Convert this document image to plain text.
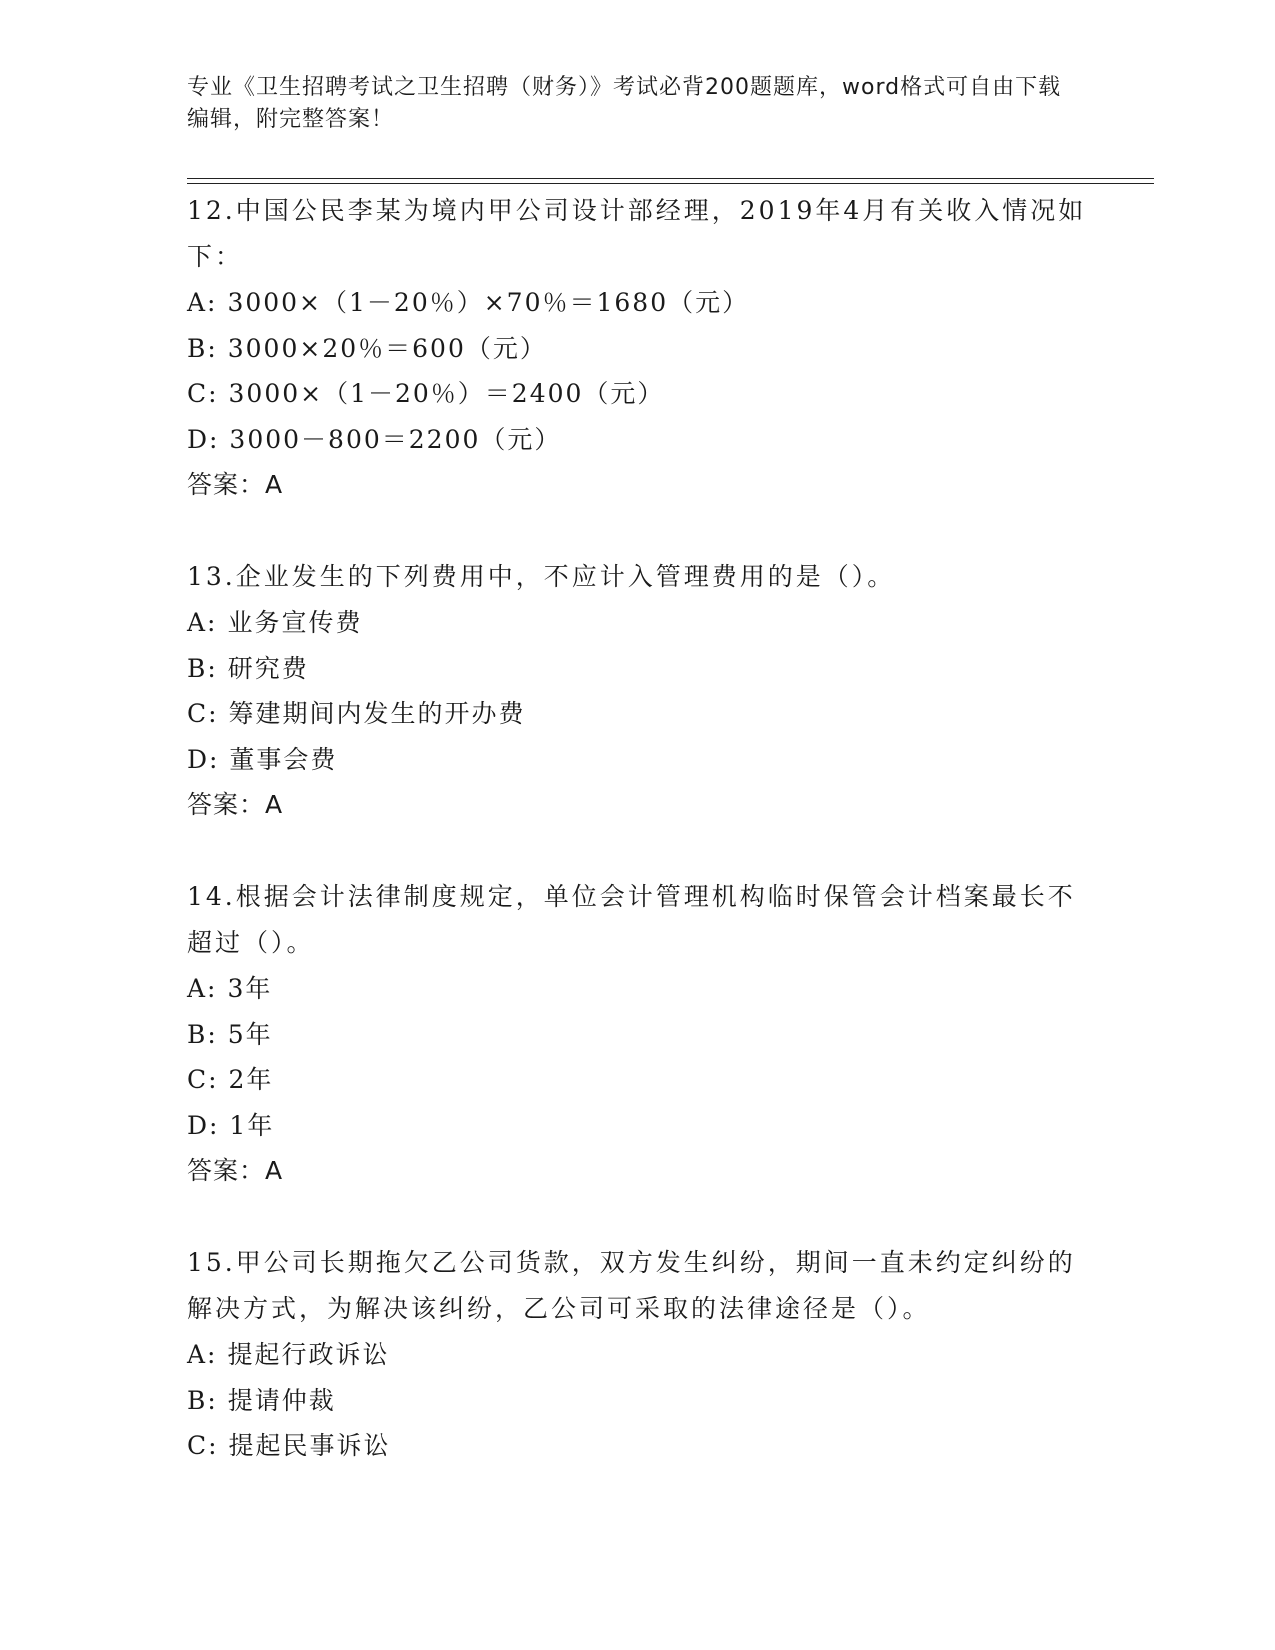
专业《卫生招聘考试之卫生招聘（财务）》考试必背200题题库，word格式可自由下载编辑，附完整答案！
12.中国公民李某为境内甲公司设计部经理，2019年4月有关收入情况如下：
A: 3000×（1－20％）×70％＝1680（元）
B: 3000×20％＝600（元）
C: 3000×（1－20％）＝2400（元）
D: 3000－800＝2200（元）
答案：A
13.企业发生的下列费用中，不应计入管理费用的是（）。
A: 业务宣传费
B: 研究费
C: 筹建期间内发生的开办费
D: 董事会费
答案：A
14.根据会计法律制度规定，单位会计管理机构临时保管会计档案最长不超过（）。
A: 3年
B: 5年
C: 2年
D: 1年
答案：A
15.甲公司长期拖欠乙公司货款，双方发生纠纷，期间一直未约定纠纷的解决方式，为解决该纠纷，乙公司可采取的法律途径是（）。
A: 提起行政诉讼
B: 提请仲裁
C: 提起民事诉讼
